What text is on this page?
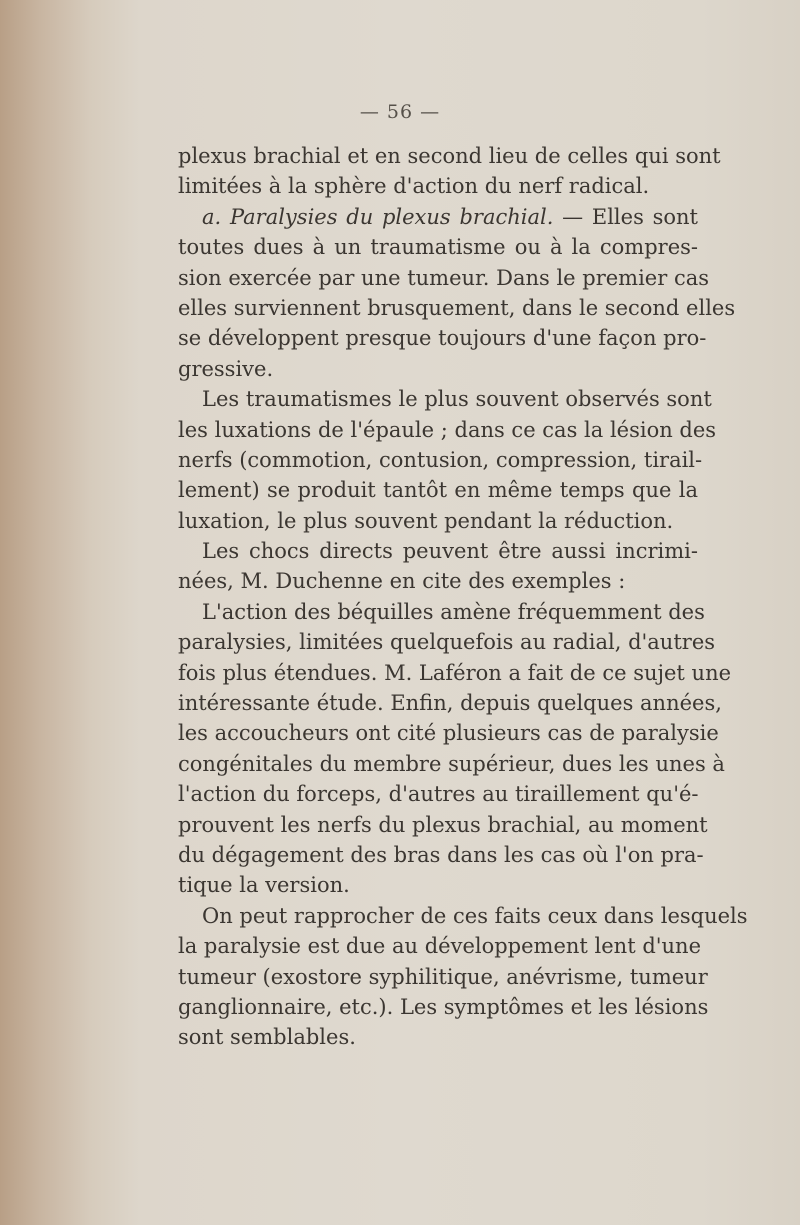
— 56 —
plexus brachial et en second lieu de celles qui sont
limitées à la sphère d'action du nerf radical.
a. Paralysies du plexus brachial. — Elles sont
toutes dues à un traumatisme ou à la compres-
sion exercée par une tumeur. Dans le premier cas
elles surviennent brusquement, dans le second elles
se développent presque toujours d'une façon pro-
gressive.
Les traumatismes le plus souvent observés sont
les luxations de l'épaule ; dans ce cas la lésion des
nerfs (commotion, contusion, compression, tirail-
lement) se produit tantôt en même temps que la
luxation, le plus souvent pendant la réduction.
Les chocs directs peuvent être aussi incrimi-
nées, M. Duchenne en cite des exemples :
L'action des béquilles amène fréquemment des
paralysies, limitées quelquefois au radial, d'autres
fois plus étendues. M. Laféron a fait de ce sujet une
intéressante étude. Enfin, depuis quelques années,
les accoucheurs ont cité plusieurs cas de paralysie
congénitales du membre supérieur, dues les unes à
l'action du forceps, d'autres au tiraillement qu'é-
prouvent les nerfs du plexus brachial, au moment
du dégagement des bras dans les cas où l'on pra-
tique la version.
On peut rapprocher de ces faits ceux dans lesquels
la paralysie est due au développement lent d'une
tumeur (exostore syphilitique, anévrisme, tumeur
ganglionnaire, etc.). Les symptômes et les lésions
sont semblables.
